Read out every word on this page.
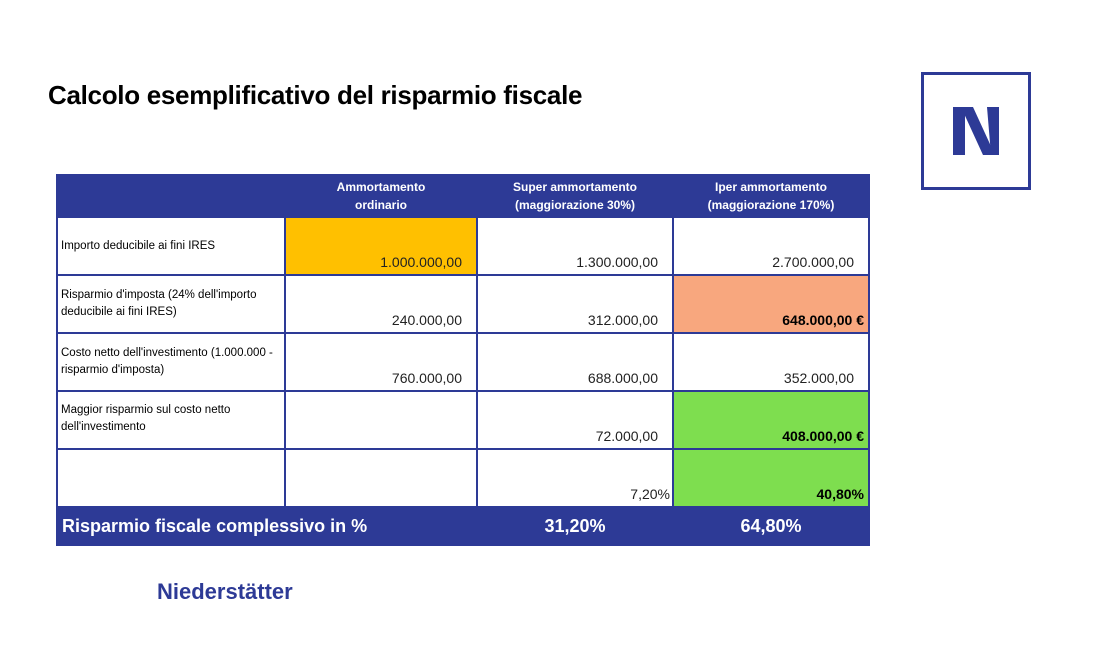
Calcolo esemplificativo del risparmio fiscale
	Ammortamento ordinario	Super ammortamento (maggiorazione 30%)	Iper ammortamento (maggiorazione 170%)
Importo deducibile ai fini IRES	1.000.000,00	1.300.000,00	2.700.000,00
Risparmio d'imposta (24% dell'importo deducibile ai fini IRES)	240.000,00	312.000,00	648.000,00 €
Costo netto dell'investimento (1.000.000 - risparmio d'imposta)	760.000,00	688.000,00	352.000,00
Maggior risparmio sul costo netto dell'investimento		72.000,00	408.000,00 €
		7,20%	40,80%
Risparmio fiscale complessivo in %		31,20%	64,80%
Niederstätter
